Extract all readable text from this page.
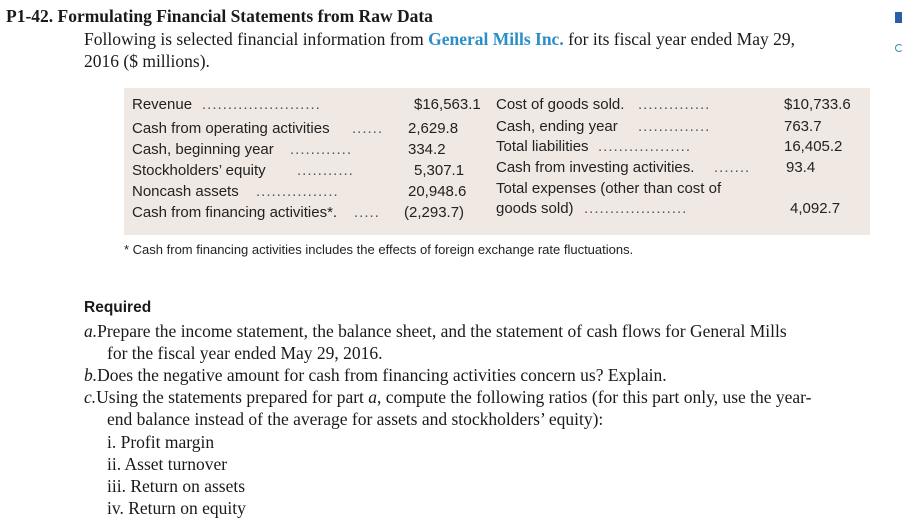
P1-42. Formulating Financial Statements from Raw Data
Following is selected financial information from General Mills Inc. for its fiscal year ended May 29,
2016 ($ millions).
Revenue .......................	$16,563.1
Cash from operating activities ...... 2,629.8
Cash, beginning year ............	334.2
Stockholders’ equity ...........	5,307.1
Noncash assets ................	20,948.6
Cash from financing activities*. ..... (2,293.7)
Cost of goods sold. ..............	$10,733.6
Cash, ending year ..............	763.7
Total liabilities ..................	16,405.2
Cash from investing activities. ....... 93.4
Total expenses (other than cost of
goods sold) ....................	4,092.7
* Cash from financing activities includes the effects of foreign exchange rate fluctuations.
Required
a.Prepare the income statement, the balance sheet, and the statement of cash flows for General Mills
for the fiscal year ended May 29, 2016.
b.Does the negative amount for cash from financing activities concern us? Explain.
c.Using the statements prepared for part a, compute the following ratios (for this part only, use the year-
end balance instead of the average for assets and stockholders’ equity):
i. Profit margin
ii. Asset turnover
iii. Return on assets
iv. Return on equity
